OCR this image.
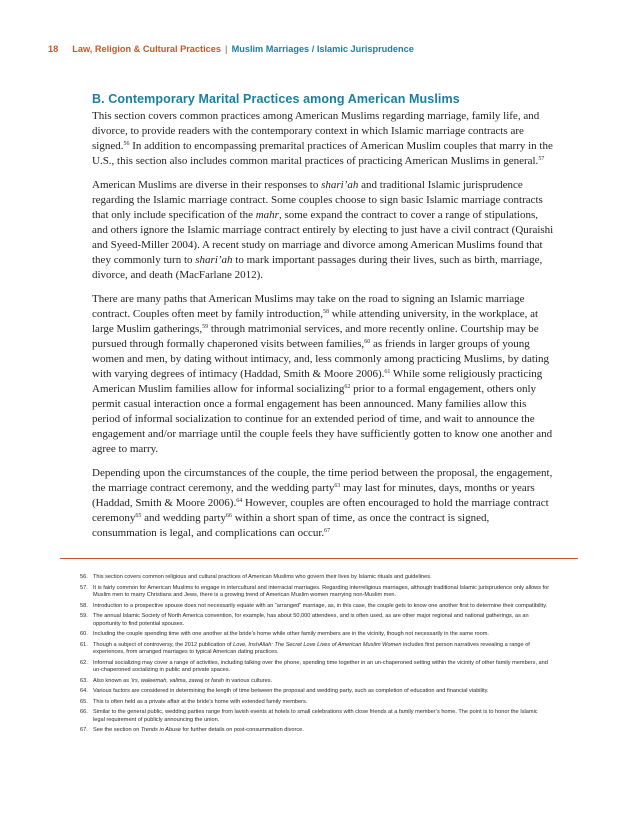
18 Law, Religion & Cultural Practices | Muslim Marriages / Islamic Jurisprudence
B. Contemporary Marital Practices among American Muslims

This section covers common practices among American Muslims regarding marriage, family life, and divorce, to provide readers with the contemporary context in which Islamic marriage contracts are signed.$^{56}$ In addition to encompassing premarital practices of American Muslim couples that marry in the U.S., this section also includes common marital practices of practicing American Muslims in general.$^{57}$

American Muslims are diverse in their responses to shari’ah and traditional Islamic jurisprudence regarding the Islamic marriage contract. Some couples choose to sign basic Islamic marriage contracts that only include specification of the mahr, some expand the contract to cover a range of stipulations, and others ignore the Islamic marriage contract entirely by electing to just have a civil contract (Quraishi and Syeed-Miller 2004). A recent study on marriage and divorce among American Muslims found that they commonly turn to shari’ah to mark important passages during their lives, such as birth, marriage, divorce, and death (MacFarlane 2012).

There are many paths that American Muslims may take on the road to signing an Islamic marriage contract. Couples often meet by family introduction,$^{58}$ while attending university, in the workplace, at large Muslim gatherings,$^{59}$ through matrimonial services, and more recently online. Courtship may be pursued through formally chaperoned visits between families,$^{60}$ as friends in larger groups of young women and men, by dating without intimacy, and, less commonly among practicing Muslims, by dating with varying degrees of intimacy (Haddad, Smith & Moore 2006).$^{61}$ While some religiously practicing American Muslim families allow for informal socializing$^{62}$ prior to a formal engagement, others only permit casual interaction once a formal engagement has been announced. Many families allow this period of informal socialization to continue for an extended period of time, and wait to announce the engagement and/or marriage until the couple feels they have sufficiently gotten to know one another and agree to marry.

Depending upon the circumstances of the couple, the time period between the proposal, the engagement, the marriage contract ceremony, and the wedding party$^{63}$ may last for minutes, days, months or years (Haddad, Smith & Moore 2006).$^{64}$ However, couples are often encouraged to hold the marriage contract ceremony$^{65}$ and wedding party$^{66}$ within a short span of time, as once the contract is signed, consummation is legal, and complications can occur.$^{67}$

56. This section covers common religious and cultural practices of American Muslims who govern their lives by Islamic rituals and guidelines.
57. It is fairly common for American Muslims to engage in intercultural and interracial marriages. Regarding interreligious marriages, although traditional Islamic jurisprudence only allows for Muslim men to marry Christians and Jews, there is a growing trend of American Muslim women marrying non-Muslim men.
58. Introduction to a prospective spouse does not necessarily equate with an “arranged” marriage, as, in this case, the couple gets to know one another first to determine their compatibility.
59. The annual Islamic Society of North America convention, for example, has about 50,000 attendees, and is often used, as are other major regional and national gatherings, as an opportunity to find potential spouses.
60. Including the couple spending time with one another at the bride’s home while other family members are in the vicinity, though not necessarily in the same room.
61. Though a subject of controversy, the 2012 publication of Love, InshAllah: The Secret Love Lives of American Muslim Women includes first person narratives revealing a range of experiences, from arranged marriages to typical American dating practices.
62. Informal socializing may cover a range of activities, including talking over the phone, spending time together in an un-chaperoned setting within the vicinity of other family members, and un-chaperoned socializing in public and private spaces.
63. Also known as ‘irs, waleemah, valima, zawaj or farah in various cultures.
64. Various factors are considered in determining the length of time between the proposal and wedding party, such as completion of education and financial viability.
65. This is often held as a private affair at the bride’s home with extended family members.
66. Similar to the general public, wedding parties range from lavish events at hotels to small celebrations with close friends at a family member’s home. The point is to honor the Islamic legal requirement of publicly announcing the union.
67. See the section on Trends in Abuse for further details on post-consummation divorce.
